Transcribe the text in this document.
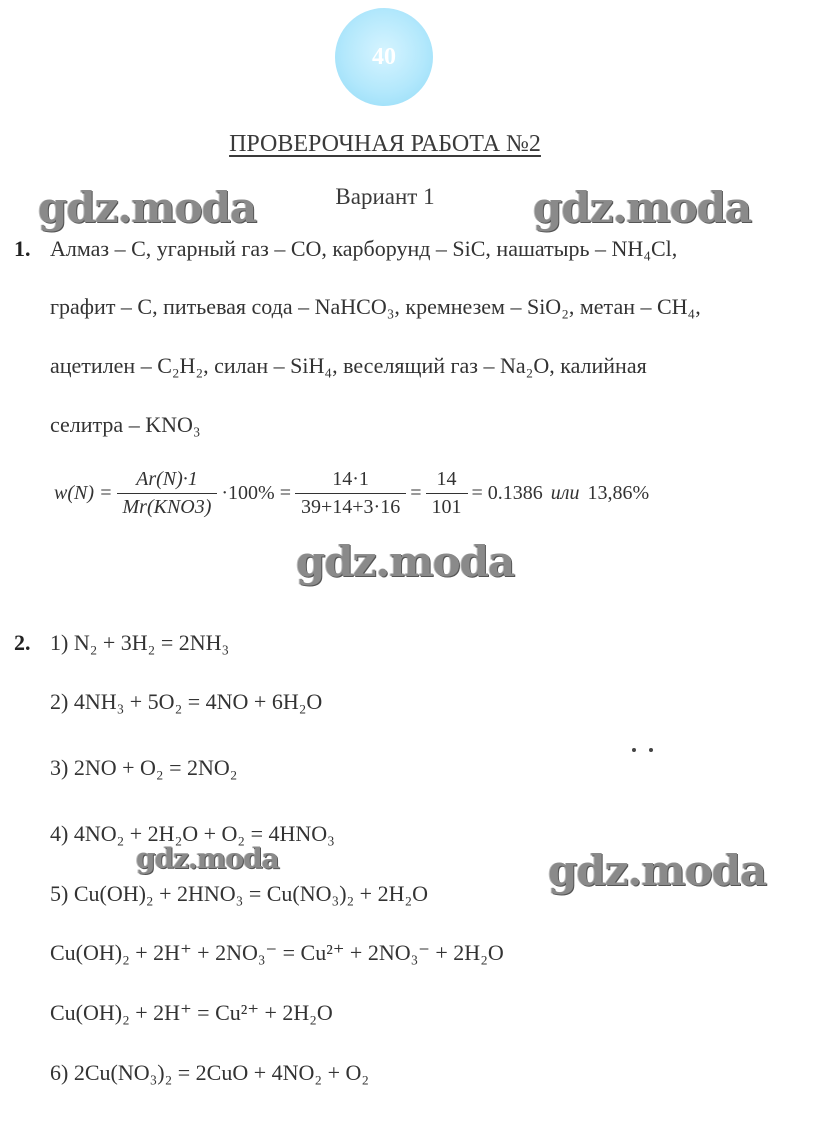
40
ПРОВЕРОЧНАЯ РАБОТА №2
Вариант 1
gdz.moda	gdz.moda
gdz.moda
gdz.moda	gdz.moda
1. Алмаз – C, угарный газ – CO, карборунд – SiC, нашатырь – NH₄Cl,
графит – C, питьевая сода – NaHCO₃, кремнезем – SiO₂, метан – CH₄,
ацетилен – C₂H₂, силан – SiH₄, веселящий газ – Na₂O, калийная
селитра – KNO₃
$w(N) = \frac{Ar(N)\cdot 1}{\text{Mr(KNO3)}} \cdot 100\% = \frac{14\cdot 1}{39+14+3\cdot 16} = \frac{14}{101} = 0.1386$ или 13,86%
2. 1) N₂ + 3H₂ = 2NH₃
2) 4NH₃ + 5O₂ = 4NO + 6H₂O
3) 2NO + O₂ = 2NO₂
4) 4NO₂ + 2H₂O + O₂ = 4HNO₃
5) Cu(OH)₂ + 2HNO₃ = Cu(NO₃)₂ + 2H₂O
Cu(OH)₂ + 2H⁺ + 2NO₃⁻ = Cu²⁺ + 2NO₃⁻ + 2H₂O
Cu(OH)₂ + 2H⁺ = Cu²⁺ + 2H₂O
6) 2Cu(NO₃)₂ = 2CuO + 4NO₂ + O₂
